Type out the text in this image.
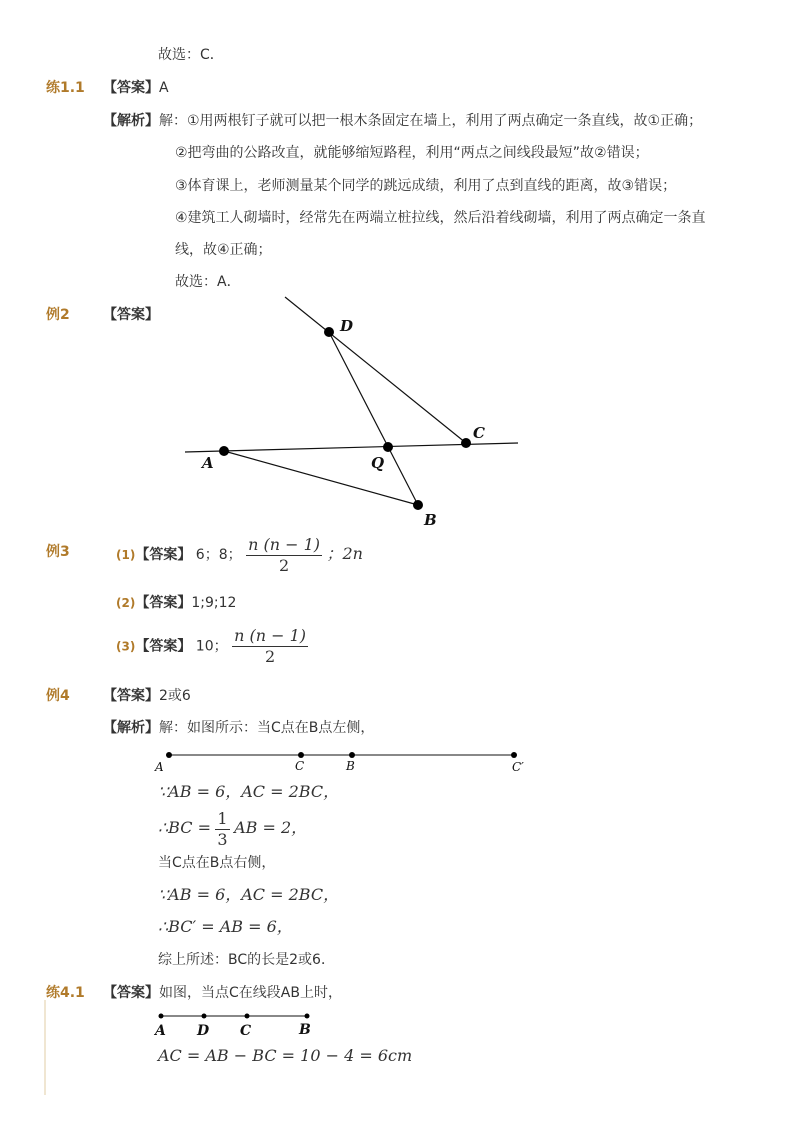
故选：C．
练1.1 【答案】A
【解析】解：①用两根钉子就可以把一根木条固定在墙上，利用了两点确定一条直线，故①正确；
②把弯曲的公路改直，就能够缩短路程，利用“两点之间线段最短”故②错误；
③体育课上，老师测量某个同学的跳远成绩，利用了点到直线的距离，故③错误；
④建筑工人砌墙时，经常先在两端立桩拉线，然后沿着线砌墙，利用了两点确定一条直
线，故④正确；
故选：A．
例2 【答案】
D
A	Q
C
B
例3	(1)【答案】 6；8； $\frac{n (n - 1)}{2}$ ；2n
(2)【答案】1;9;12
(3)【答案】 10； $\frac{n (n - 1)}{2}$
例4 【答案】2或6
【解析】解：如图所示：当C点在B点左侧，
A	C	B	C′
∵AB = 6，AC = 2BC，
∴BC = $\frac{1}{3}$ AB = 2，
当C点在B点右侧，
∵AB = 6，AC = 2BC，
∴BC′ = AB = 6，
综上所述：BC的长是2或6．
练4.1 【答案】如图，当点C在线段AB上时，
A D C	B
AC = AB − BC = 10 − 4 = 6cm
